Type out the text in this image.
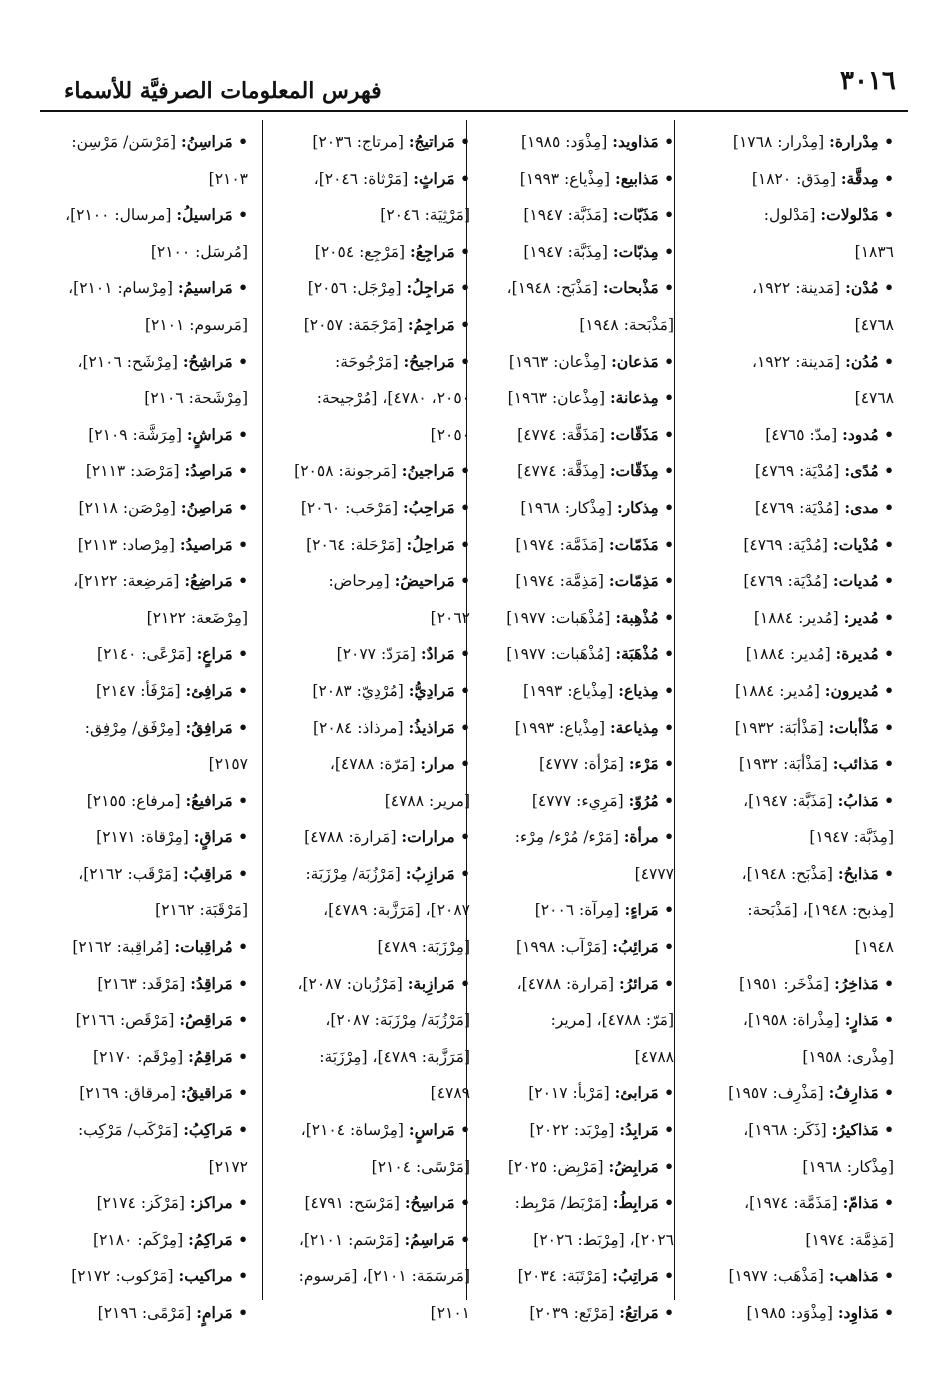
فهرس المعلومات الصرفيَّة للأسماء	٣٠١٦
• مِدْرارة: [مِدْرار: ١٧٦٨]
• مِدقَّة: [مِدَق: ١٨٢٠]
• مَدْلولات: [مَدْلول:
١٨٣٦]
• مُدْن: [مَدينة: ١٩٢٢،
٤٧٦٨]
• مُدُن: [مَدينة: ١٩٢٢،
٤٧٦٨]
• مُدود: [مدّ: ٤٧٦٥]
• مُدًى: [مُدْيَة: ٤٧٦٩]
• مدى: [مُدْيَة: ٤٧٦٩]
• مُدْيات: [مُدْيَة: ٤٧٦٩]
• مُديات: [مُدْيَة: ٤٧٦٩]
• مُدير: [مُدير: ١٨٨٤]
• مُديرة: [مُدير: ١٨٨٤]
• مُديرون: [مُدير: ١٨٨٤]
• مَذْأبات: [مَذْأبَة: ١٩٣٢]
• مَذائب: [مَذْأبَة: ١٩٣٢]
• مَذابُ: [مَذَبَّة: ١٩٤٧]،
[مِذَبَّة: ١٩٤٧]
• مَذابحُ: [مَذْبَح: ١٩٤٨]،
[مِذبح: ١٩٤٨]، [مَذْبَحة:
١٩٤٨]
• مَذاخِرُ: [مَذْخَر: ١٩٥١]
• مَذارٍ: [مِذْراة: ١٩٥٨]،
[مِذْرى: ١٩٥٨]
• مَذارِفُ: [مَذْرِف: ١٩٥٧]
• مَذاكيرُ: [ذَكَر: ١٩٦٨]،
[مِذْكار: ١٩٦٨]
• مَذامّ: [مَذَمَّة: ١٩٧٤]،
[مَذِمَّة: ١٩٧٤]
• مَذاهب: [مَذْهَب: ١٩٧٧]
• مَذاوِد: [مِذْوَد: ١٩٨٥]
• مَذاويد: [مِذْوَد: ١٩٨٥]
• مَذابيع: [مِذْياع: ١٩٩٣]
• مَذَبّات: [مَذَبَّة: ١٩٤٧]
• مِذبّات: [مِذَبَّة: ١٩٤٧]
• مَذْبحات: [مَذْبَح: ١٩٤٨]،
[مَذْبَحة: ١٩٤٨]
• مَذعان: [مِذْعان: ١٩٦٣]
• مِذعانة: [مِذْعان: ١٩٦٣]
• مَذَقّات: [مَذَقَّة: ٤٧٧٤]
• مِذَقّات: [مِذَقَّة: ٤٧٧٤]
• مِذكار: [مِذْكار: ١٩٦٨]
• مَذَمّات: [مَذَمَّة: ١٩٧٤]
• مَذِمّات: [مَذِمَّة: ١٩٧٤]
• مُذْهِبة: [مُذْهَبات: ١٩٧٧]
• مُذْهَبَة: [مُذْهَبات: ١٩٧٧]
• مِذياع: [مِذْياع: ١٩٩٣]
• مِذياعة: [مِذْياع: ١٩٩٣]
• مَرْء: [مَرْأة: ٤٧٧٧]
• مُرُوّ: [مَرِيء: ٤٧٧٧]
• مرأة: [مَرْء/ مُرْء/ مِرْء:
٤٧٧٧]
• مَراءٍ: [مِرآة: ٢٠٠٦]
• مَرائِبُ: [مَرْآب: ١٩٩٨]
• مَرائرُ: [مَرارة: ٤٧٨٨]،
[مَرّ: ٤٧٨٨]، [مرير:
٤٧٨٨]
• مَرابئ: [مَرْبأ: ٢٠١٧]
• مَرابِدُ: [مِرْبَد: ٢٠٢٢]
• مَرابِضُ: [مَرْبِض: ٢٠٢٥]
• مَرابِطُ: [مَرْبَط/ مَرْبِط:
٢٠٢٦]، [مِرْبَط: ٢٠٢٦]
• مَراتِبُ: [مَرْتَبَة: ٢٠٣٤]
• مَراتِعُ: [مَرْتَع: ٢٠٣٩]
• مَراتيجُ: [مرتاج: ٢٠٣٦]
• مَراثٍ: [مَرْثاة: ٢٠٤٦]،
[مَرْثِيَة: ٢٠٤٦]
• مَراجِعُ: [مَرْجِع: ٢٠٥٤]
• مَراجِلُ: [مِرْجَل: ٢٠٥٦]
• مَراجِمُ: [مَرْجَمَة: ٢٠٥٧]
• مَراجيحُ: [مَرْجُوحَة:
٢٠٥٠، ٤٧٨٠]، [مُرْجيحة:
٢٠٥٠]
• مَراجينُ: [مَرجونة: ٢٠٥٨]
• مَراحِبُ: [مَرْحَب: ٢٠٦٠]
• مَراحِلُ: [مَرْحَلة: ٢٠٦٤]
• مَراحيضُ: [مِرحاض:
٢٠٦٢]
• مَرادٌ: [مَرَدّ: ٢٠٧٧]
• مَرادِيُّ: [مُرْدِيّ: ٢٠٨٣]
• مَراذيذُ: [مرذاذ: ٢٠٨٤]
• مرار: [مَرّة: ٤٧٨٨]،
[مرير: ٤٧٨٨]
• مرارات: [مَرارة: ٤٧٨٨]
• مَرازِبُ: [مَرْزُبَة/ مِرْزَبَة:
٢٠٨٧]، [مَرَزَّبة: ٤٧٨٩]،
[مِرْزَبَة: ٤٧٨٩]
• مَرازِبة: [مَرْزُبان: ٢٠٨٧]،
[مَرْزُبَة/ مِرْزَبَة: ٢٠٨٧]،
[مَرَزَّبة: ٤٧٨٩]، [مِرْزَبَة:
٤٧٨٩]
• مَراسٍ: [مِرْساة: ٢١٠٤]،
[مَرْسًى: ٢١٠٤]
• مَراسِحُ: [مَرْسَح: ٤٧٩١]
• مَراسِمُ: [مَرْسَم: ٢١٠١]،
[مَرسَمَة: ٢١٠١]، [مَرسوم:
٢١٠١]
• مَراسِنُ: [مَرْسَن/ مَرْسِن:
٢١٠٣]
• مَراسيلُ: [مرسال: ٢١٠٠]،
[مُرسَل: ٢١٠٠]
• مَراسيمُ: [مِرْسام: ٢١٠١]،
[مَرسوم: ٢١٠١]
• مَراشِحُ: [مِرْشَح: ٢١٠٦]،
[مِرْشَحة: ٢١٠٦]
• مَراشٍ: [مِرَشَّة: ٢١٠٩]
• مَراصِدُ: [مَرْصَد: ٢١١٣]
• مَراصِنُ: [مِرْصَن: ٢١١٨]
• مَراصيدُ: [مِرْصاد: ٢١١٣]
• مَراضِعُ: [مَرضِعة: ٢١٢٢]،
[مِرْضَعة: ٢١٢٢]
• مَراعٍ: [مَرْعًى: ٢١٤٠]
• مَرافِئ: [مَرْفَأ: ٢١٤٧]
• مَرافِقُ: [مِرْفَق/ مِرْفِق:
٢١٥٧]
• مَرافيعُ: [مرفاع: ٢١٥٥]
• مَراقٍ: [مِرْقاة: ٢١٧١]
• مَراقِبُ: [مَرْقَب: ٢١٦٢]،
[مَرْقَبَة: ٢١٦٢]
• مُراقِبات: [مُراقِبة: ٢١٦٢]
• مَراقِدُ: [مَرْقَد: ٢١٦٣]
• مَراقِصُ: [مَرْقَص: ٢١٦٦]
• مَراقِمُ: [مِرْقَم: ٢١٧٠]
• مَراقيقُ: [مرقاق: ٢١٦٩]
• مَراكِبُ: [مَرْكَب/ مَرْكِب:
٢١٧٢]
• مراكز: [مَرْكَز: ٢١٧٤]
• مَراكِمُ: [مِرْكَم: ٢١٨٠]
• مراكيب: [مَرْكوب: ٢١٧٢]
• مَرامٍ: [مَرْمًى: ٢١٩٦]
